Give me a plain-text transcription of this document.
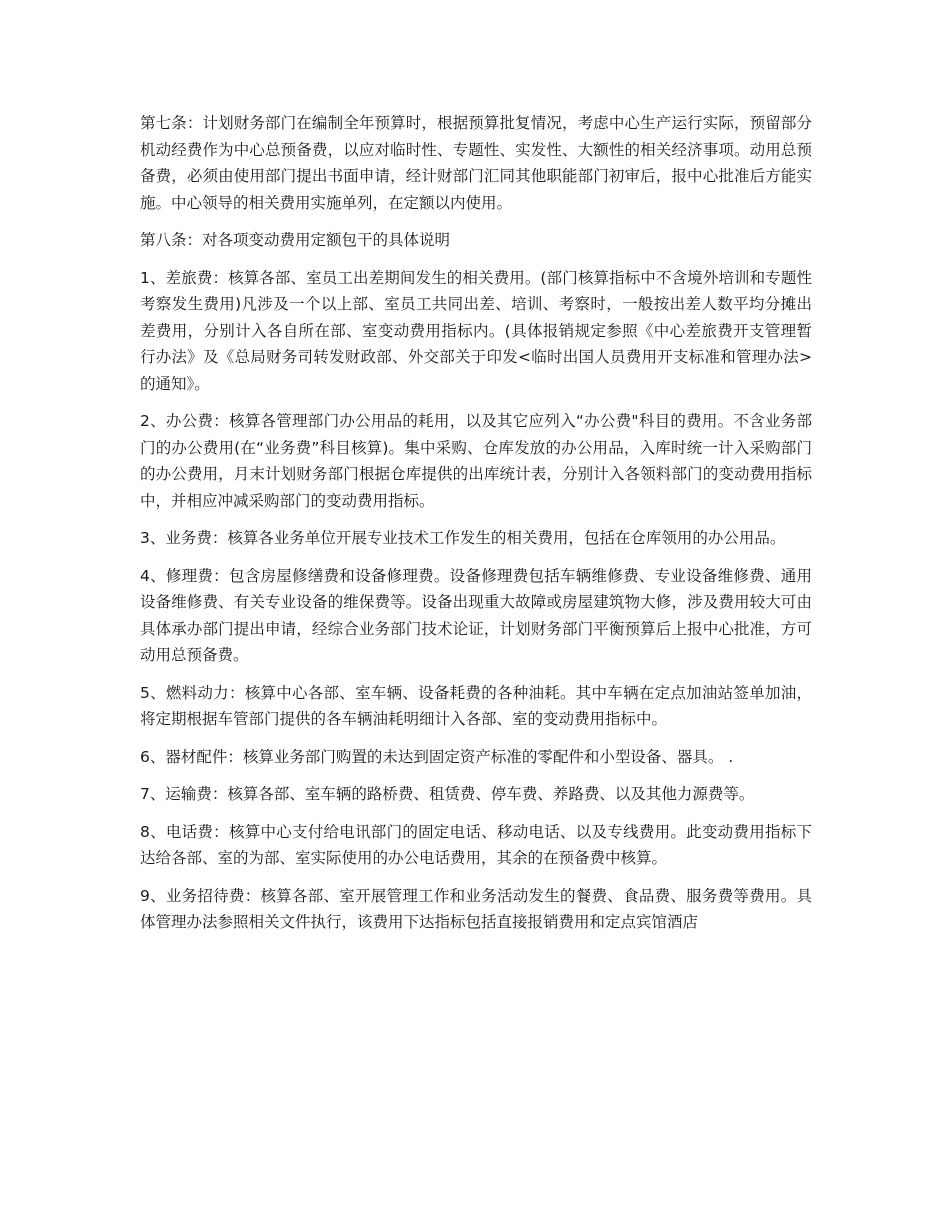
第七条：计划财务部门在编制全年预算时，根据预算批复情况，考虑中心生产运行实际，预留部分机动经费作为中心总预备费，以应对临时性、专题性、实发性、大额性的相关经济事项。动用总预备费，必须由使用部门提出书面申请，经计财部门汇同其他职能部门初审后，报中心批准后方能实施。中心领导的相关费用实施单列，在定额以内使用。

第八条：对各项变动费用定额包干的具体说明

1、差旅费：核算各部、室员工出差期间发生的相关费用。(部门核算指标中不含境外培训和专题性考察发生费用)凡涉及一个以上部、室员工共同出差、培训、考察时，一般按出差人数平均分摊出差费用，分别计入各自所在部、室变动费用指标内。(具体报销规定参照《中心差旅费开支管理暂行办法》及《总局财务司转发财政部、外交部关于印发<临时出国人员费用开支标准和管理办法>的通知》。

2、办公费：核算各管理部门办公用品的耗用，以及其它应列入“办公费"科目的费用。不含业务部门的办公费用(在“业务费”科目核算)。集中采购、仓库发放的办公用品，入库时统一计入采购部门的办公费用，月末计划财务部门根据仓库提供的出库统计表，分别计入各领料部门的变动费用指标中，并相应冲减采购部门的变动费用指标。

3、业务费：核算各业务单位开展专业技术工作发生的相关费用，包括在仓库领用的办公用品。

4、修理费：包含房屋修缮费和设备修理费。设备修理费包括车辆维修费、专业设备维修费、通用设备维修费、有关专业设备的维保费等。设备出现重大故障或房屋建筑物大修，涉及费用较大可由具体承办部门提出申请，经综合业务部门技术论证，计划财务部门平衡预算后上报中心批准，方可动用总预备费。

5、燃料动力：核算中心各部、室车辆、设备耗费的各种油耗。其中车辆在定点加油站签单加油，将定期根据车管部门提供的各车辆油耗明细计入各部、室的变动费用指标中。

6、器材配件：核算业务部门购置的未达到固定资产标准的零配件和小型设备、器具。 .

7、运输费：核算各部、室车辆的路桥费、租赁费、停车费、养路费、以及其他力源费等。

8、电话费：核算中心支付给电讯部门的固定电话、移动电话、以及专线费用。此变动费用指标下达给各部、室的为部、室实际使用的办公电话费用，其余的在预备费中核算。

9、业务招待费：核算各部、室开展管理工作和业务活动发生的餐费、食品费、服务费等费用。具体管理办法参照相关文件执行，该费用下达指标包括直接报销费用和定点宾馆酒店
